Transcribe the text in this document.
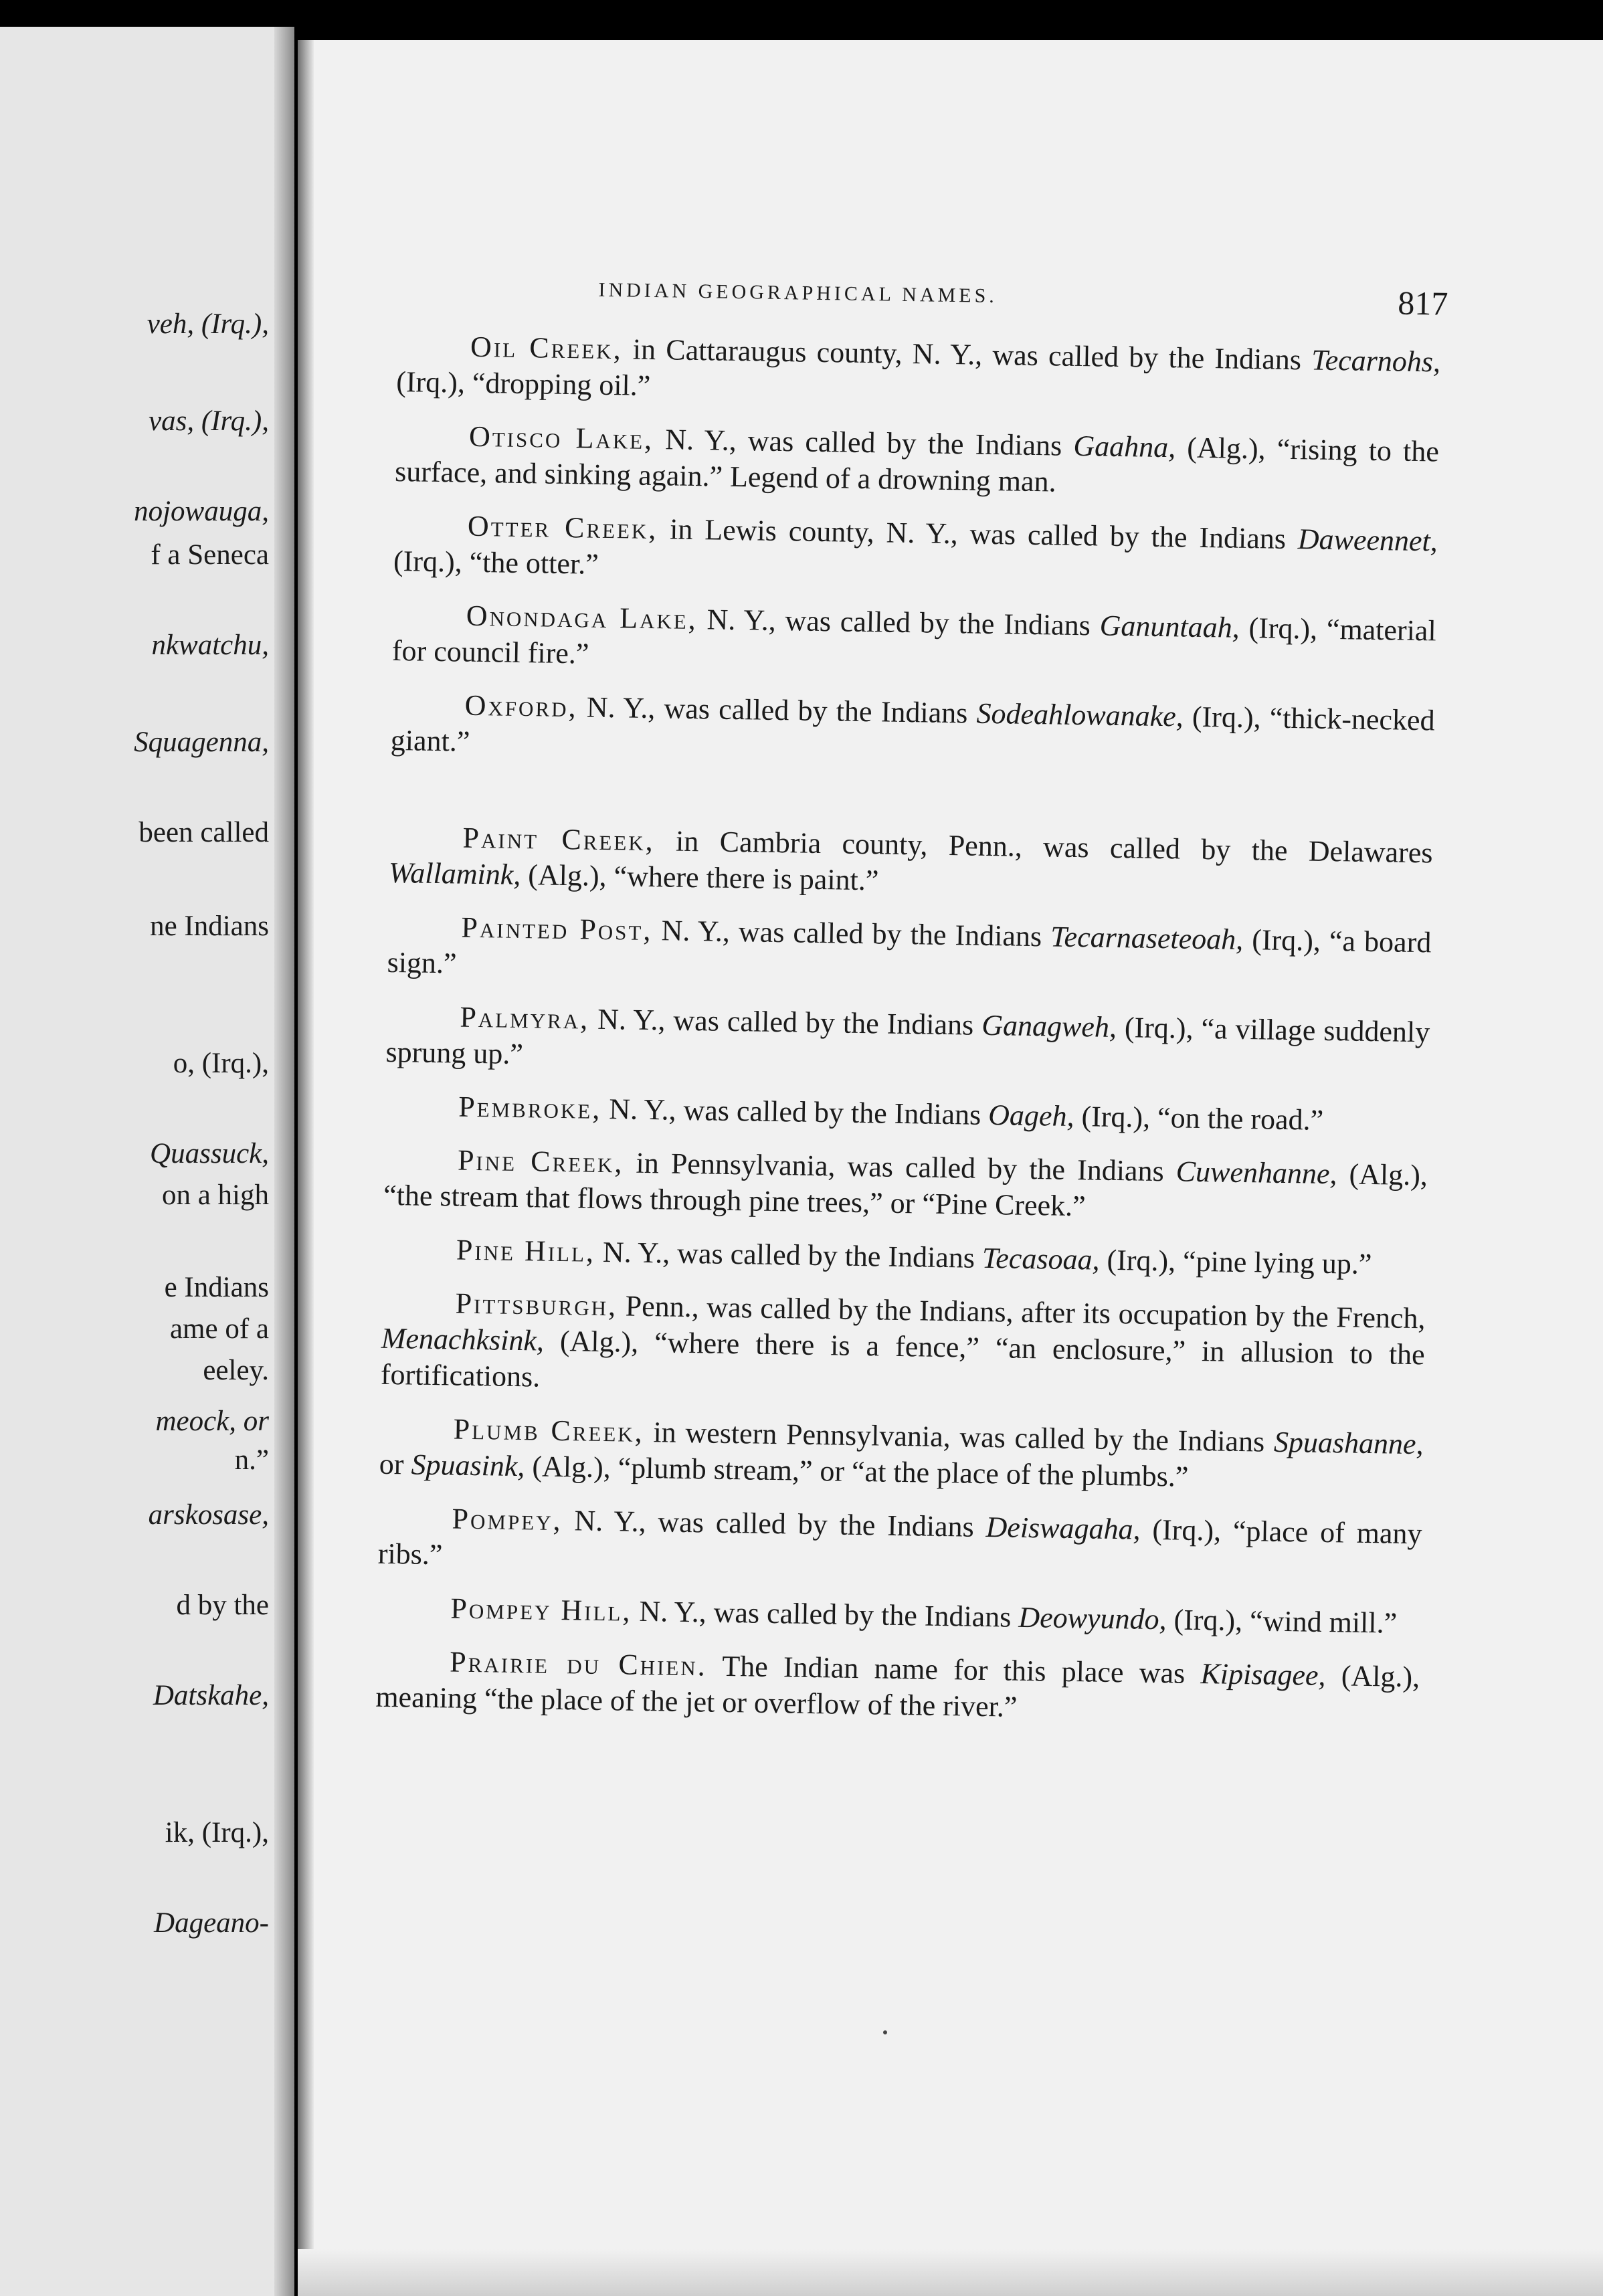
veh, (Irq.),
vas, (Irq.),
nojowauga,
f a Seneca
nkwatchu,
Squagenna,
been called
ne Indians
o, (Irq.),
Quassuck,
on a high
e Indians
ame of a
eeley.
meock, or
n.”
arskosase,
d by the
Datskahe,
ik, (Irq.),
Dageano-
INDIAN GEOGRAPHICAL NAMES.	817

Oil Creek, in Cattaraugus county, N. Y., was called by the Indians Tecarnohs, (Irq.), “dropping oil.”

Otisco Lake, N. Y., was called by the Indians Gaahna, (Alg.), “rising to the surface, and sinking again.” Legend of a drowning man.

Otter Creek, in Lewis county, N. Y., was called by the Indians Daweennet, (Irq.), “the otter.”

Onondaga Lake, N. Y., was called by the Indians Ganuntaah, (Irq.), “material for council fire.”

Oxford, N. Y., was called by the Indians Sodeahlowanake, (Irq.), “thick-necked giant.”

Paint Creek, in Cambria county, Penn., was called by the Delawares Wallamink, (Alg.), “where there is paint.”

Painted Post, N. Y., was called by the Indians Tecarnaseteoah, (Irq.), “a board sign.”

Palmyra, N. Y., was called by the Indians Ganagweh, (Irq.), “a village suddenly sprung up.”

Pembroke, N. Y., was called by the Indians Oageh, (Irq.), “on the road.”

Pine Creek, in Pennsylvania, was called by the Indians Cuwenhanne, (Alg.), “the stream that flows through pine trees,” or “Pine Creek.”

Pine Hill, N. Y., was called by the Indians Tecasoaa, (Irq.), “pine lying up.”

Pittsburgh, Penn., was called by the Indians, after its occupation by the French, Menachksink, (Alg.), “where there is a fence,” “an enclosure,” in allusion to the fortifications.

Plumb Creek, in western Pennsylvania, was called by the Indians Spuashanne, or Spuasink, (Alg.), “plumb stream,” or “at the place of the plumbs.”

Pompey, N. Y., was called by the Indians Deiswagaha, (Irq.), “place of many ribs.”

Pompey Hill, N. Y., was called by the Indians Deowyundo, (Irq.), “wind mill.”

Prairie du Chien. The Indian name for this place was Kipisagee, (Alg.), meaning “the place of the jet or overflow of the river.”
